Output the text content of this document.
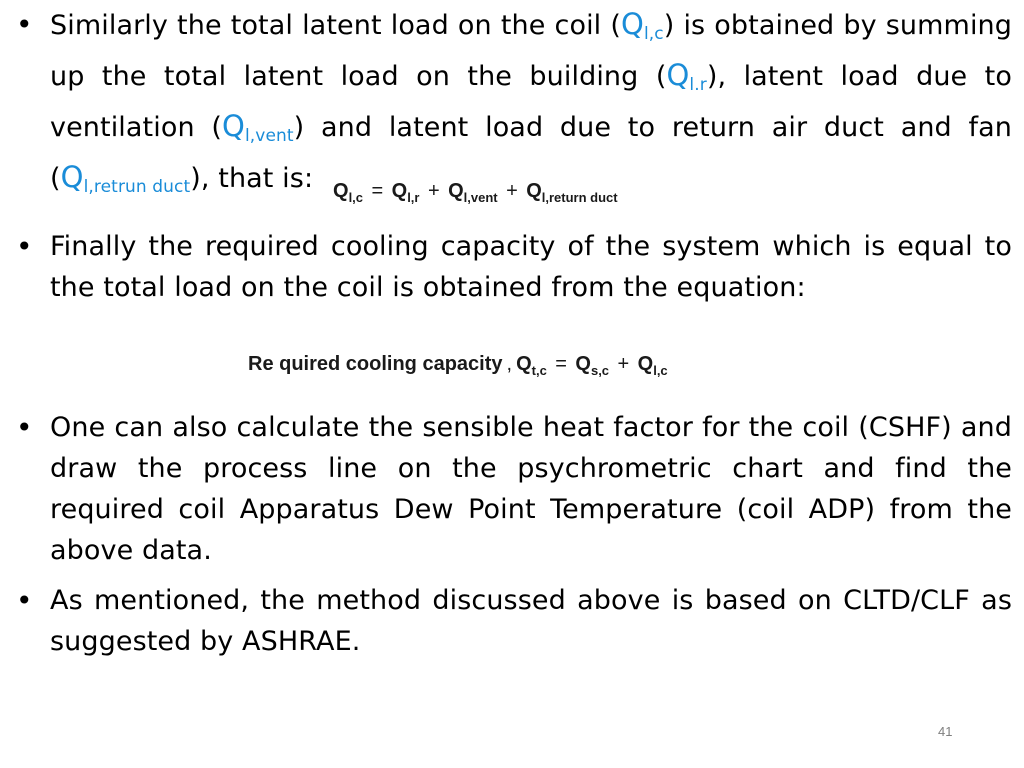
• Similarly the total latent load on the coil $(Q_{l,c})$ is obtained by summing up the total latent load on the building $(Q_{l.r})$, latent load due to ventilation $(Q_{l,vent})$ and latent load due to return air duct and fan $(Q_{l,retrun duct})$, that is: $Q_{l,c} = Q_{l,r} + Q_{l,vent} + Q_{l,return duct}$
• Finally the required cooling capacity of the system which is equal to the total load on the coil is obtained from the equation:
Re quired cooling capacity , $Q_{t,c} = Q_{s,c} + Q_{l,c}$
• One can also calculate the sensible heat factor for the coil (CSHF) and draw the process line on the psychrometric chart and find the required coil Apparatus Dew Point Temperature (coil ADP) from the above data.
• As mentioned, the method discussed above is based on CLTD/CLF as suggested by ASHRAE.
41
